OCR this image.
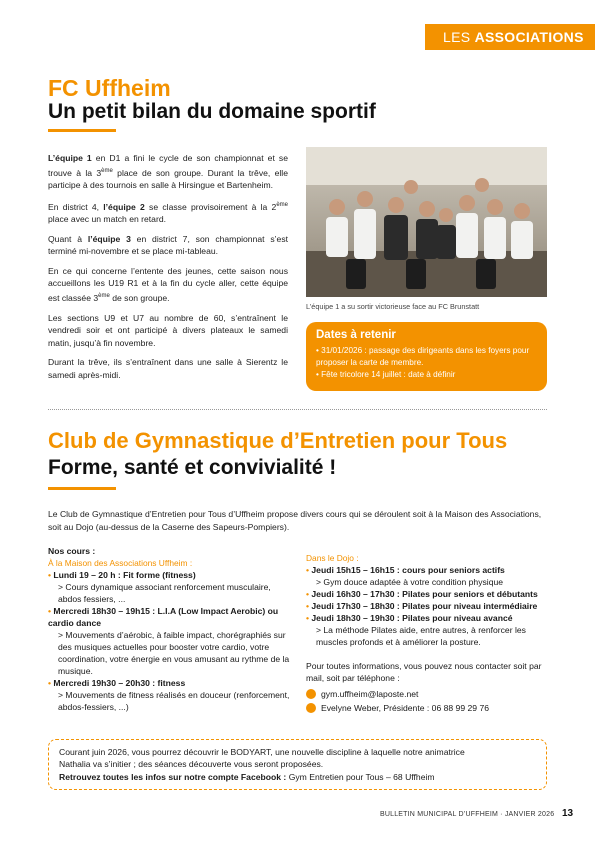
LES ASSOCIATIONS
FC Uffheim
Un petit bilan du domaine sportif

L’équipe 1 en D1 a fini le cycle de son championnat et se trouve à la 3ème place de son groupe. Durant la trêve, elle participe à des tournois en salle à Hirsingue et Bartenheim.

En district 4, l’équipe 2 se classe provisoirement à la 2ème place avec un match en retard.

Quant à l’équipe 3 en district 7, son championnat s’est terminé mi-novembre et se place mi-tableau.

En ce qui concerne l’entente des jeunes, cette saison nous accueillons les U19 R1 et à la fin du cycle aller, cette équipe est classée 3ème de son groupe.

Les sections U9 et U7 au nombre de 60, s’entraînent le vendredi soir et ont participé à divers plateaux le samedi matin, jusqu’à fin novembre.

Durant la trêve, ils s’entraînent dans une salle à Sierentz le samedi après-midi.

L’équipe 1 a su sortir victorieuse face au FC Brunstatt
Dates à retenir
• 31/01/2026 : passage des dirigeants dans les foyers pour proposer la carte de membre.
• Fête tricolore 14 juillet : date à définir
Club de Gymnastique d’Entretien pour Tous
Forme, santé et convivialité !
Le Club de Gymnastique d’Entretien pour Tous d’Uffheim propose divers cours qui se déroulent soit à la Maison des Associations, soit au Dojo (au-dessus de la Caserne des Sapeurs-Pompiers).
Nos cours :
À la Maison des Associations Uffheim :
• Lundi 19 – 20 h : Fit forme (fitness)
> Cours dynamique associant renforcement musculaire, abdos fessiers, ...
• Mercredi 18h30 – 19h15 : L.I.A (Low Impact Aerobic) ou cardio dance
> Mouvements d’aérobic, à faible impact, chorégraphiés sur des musiques actuelles pour booster votre cardio, votre coordination, votre énergie en vous amusant au rythme de la musique.
• Mercredi 19h30 – 20h30 : fitness
> Mouvements de fitness réalisés en douceur (renforcement, abdos-fessiers, ...)
Dans le Dojo :
• Jeudi 15h15 – 16h15 : cours pour seniors actifs
> Gym douce adaptée à votre condition physique
• Jeudi 16h30 – 17h30 : Pilates pour seniors et débutants
• Jeudi 17h30 – 18h30 : Pilates pour niveau intermédiaire
• Jeudi 18h30 – 19h30 : Pilates pour niveau avancé
> La méthode Pilates aide, entre autres, à renforcer les muscles profonds et à améliorer la posture.
Pour toutes informations, vous pouvez nous contacter soit par mail, soit par téléphone :
gym.uffheim@laposte.net
Evelyne Weber, Présidente : 06 88 99 29 76
Courant juin 2026, vous pourrez découvrir le BODYART, une nouvelle discipline à laquelle notre animatrice
Nathalia va s’initier ; des séances découverte vous seront proposées.
Retrouvez toutes les infos sur notre compte Facebook : Gym Entretien pour Tous – 68 Uffheim
BULLETIN MUNICIPAL D’UFFHEIM · JANVIER 2026 13
